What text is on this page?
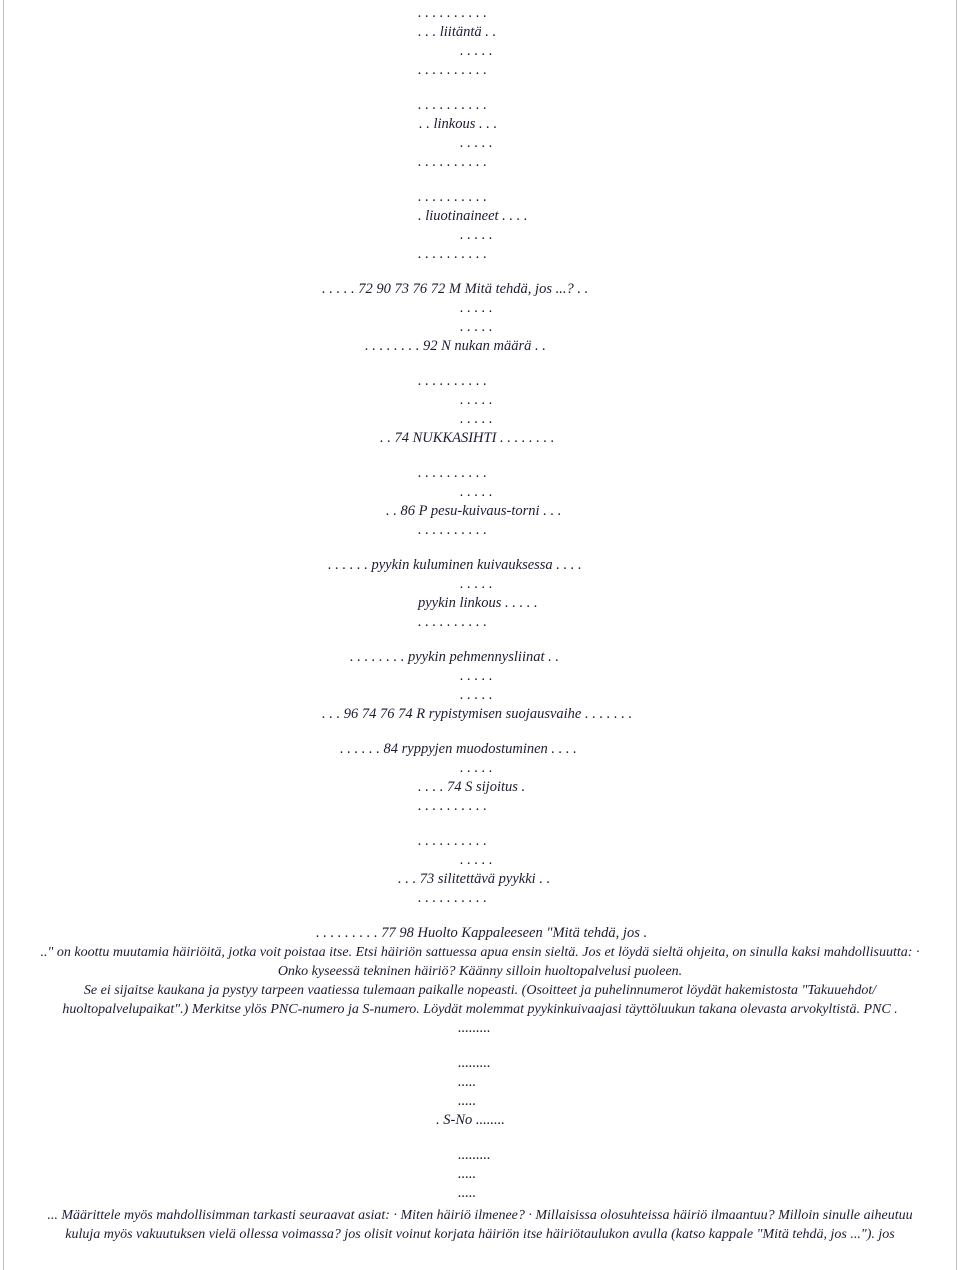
. . . . . . . . . .
. . . liitäntä . .
. . . . .
. . . . . . . . . .
. . . . . . . . . .
. . linkous . . .
. . . . .
. . . . . . . . . .
. . . . . . . . . .
. liuotinaineet . . . .
. . . . .
. . . . . . . . . .
. . . . . 72 90 73 76 72 M Mitä tehdä, jos ...? . .
. . . . .
. . . . .
. . . . . . . . 92 N nukan määrä . .
. . . . . . . . . .
. . . . .
. . . . .
. . 74 NUKKASIHTI . . . . . . . .
. . . . . . . . . .
. . . . .
. . 86 P pesu-kuivaus-torni . . .
. . . . . . . . . .
. . . . . . pyykin kuluminen kuivauksessa . . . .
. . . . .
pyykin linkous . . . . .
. . . . . . . . . .
. . . . . . . . pyykin pehmennysliinat . .
. . . . .
. . . . .
. . . 96 74 76 74 R rypistymisen suojausvaihe . . . . . . .
. . . . . . 84 ryppyjen muodostuminen . . . .
. . . . .
. . . . 74 S sijoitus .
. . . . . . . . . .
. . . . . . . . . .
. . . . .
. . . 73 silitettävä pyykki . .
. . . . . . . . . .
. . . . . . . . . 77 98 Huolto Kappaleeseen "Mitä tehdä, jos .
.." on koottu muutamia häiriöitä, jotka voit poistaa itse. Etsi häiriön sattuessa apua ensin sieltä. Jos et löydä sieltä ohjeita, on sinulla kaksi mahdollisuutta: ·
Onko kyseessä tekninen häiriö? Käänny silloin huoltopalvelusi puoleen.
Se ei sijaitse kaukana ja pystyy tarpeen vaatiessa tulemaan paikalle nopeasti. (Osoitteet ja puhelinnumerot löydät hakemistosta "Takuuehdot/
huoltopalvelupaikat".) Merkitse ylös PNC-numero ja S-numero. Löydät molemmat pyykinkuivaajasi täyttöluukun takana olevasta arvokyltistä. PNC .
.........
.........
.....
.....
. S-No ........
.........
.....
.....
... Määrittele myös mahdollisimman tarkasti seuraavat asiat: · Miten häiriö ilmenee? · Millaisissa olosuhteissa häiriö ilmaantuu? Milloin sinulle aiheutuu
kuluja myös vakuutuksen vielä ollessa voimassa? jos olisit voinut korjata häiriön itse häiriötaulukon avulla (katso kappale "Mitä tehdä, jos ..."). jos
